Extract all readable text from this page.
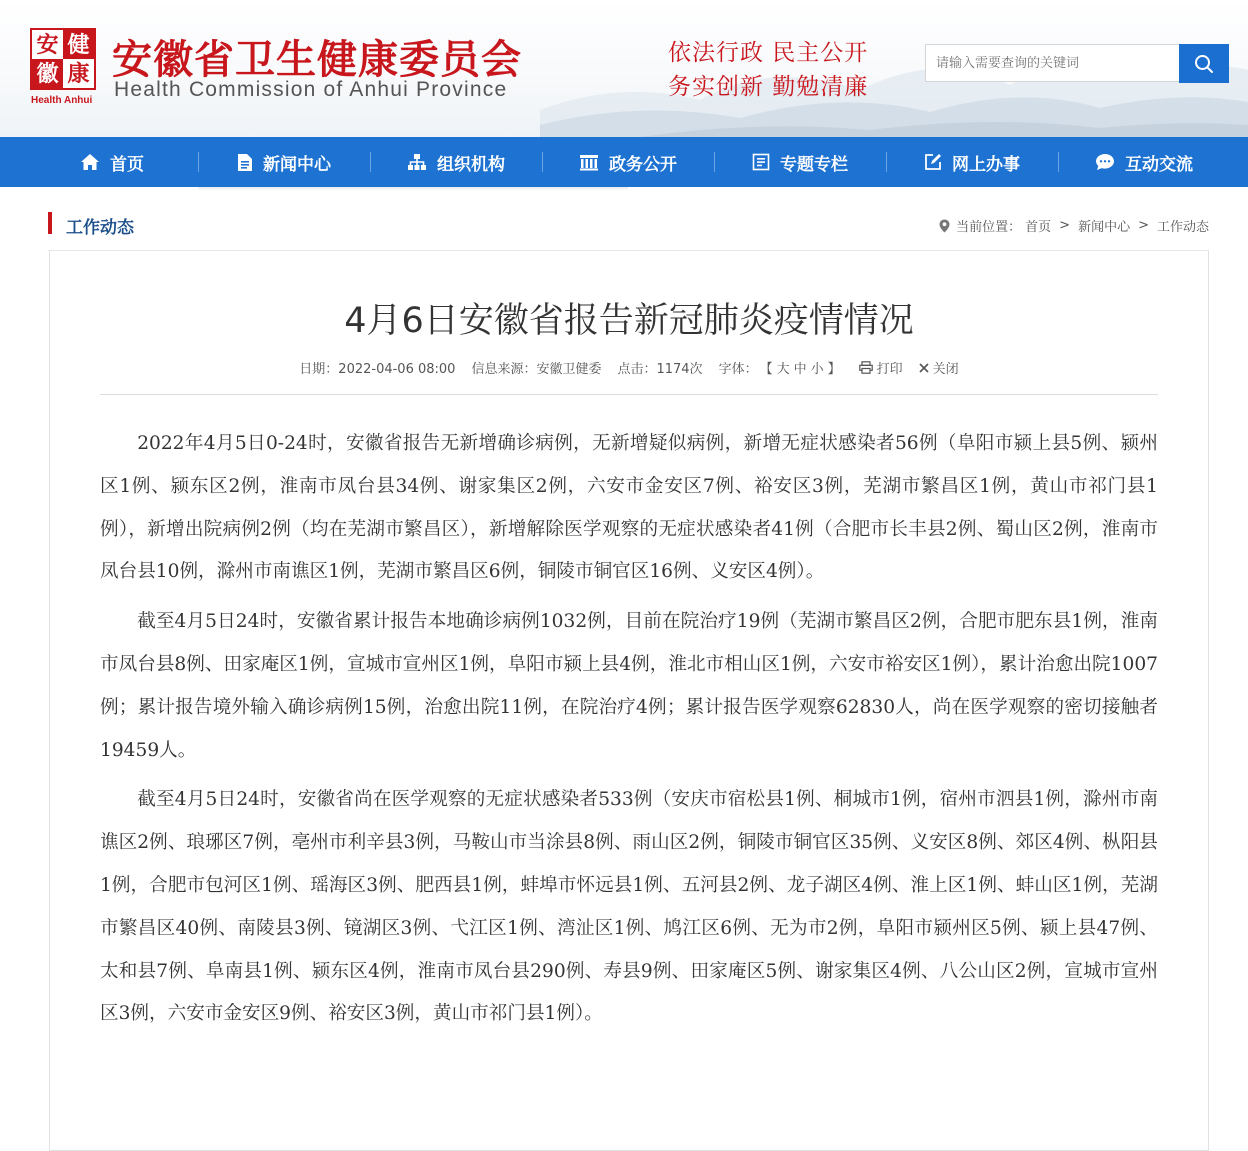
安 健
徽 康
Health Anhui
安徽省卫生健康委员会
Health Commission of Anhui Province
依法行政 民主公开
务实创新 勤勉清廉
请输入需要查询的关键词
首页	新闻中心	组织机构	政务公开	专题专栏	网上办事	互动交流
工作动态	当前位置： 首页 > 新闻中心 > 工作动态
4月6日安徽省报告新冠肺炎疫情情况
日期：2022-04-06 08:00 信息来源：安徽卫健委 点击：1174次 字体： 【 大 中 小 】	打印 关闭

2022年4月5日0-24时，安徽省报告无新增确诊病例，无新增疑似病例，新增无症状感染者56例（阜阳市颍上县5例、颍州区1例、颍东区2例，淮南市凤台县34例、谢家集区2例，六安市金安区7例、裕安区3例，芜湖市繁昌区1例，黄山市祁门县1例），新增出院病例2例（均在芜湖市繁昌区），新增解除医学观察的无症状感染者41例（合肥市长丰县2例、蜀山区2例，淮南市凤台县10例，滁州市南谯区1例，芜湖市繁昌区6例，铜陵市铜官区16例、义安区4例）。

截至4月5日24时，安徽省累计报告本地确诊病例1032例，目前在院治疗19例（芜湖市繁昌区2例，合肥市肥东县1例，淮南市凤台县8例、田家庵区1例，宣城市宣州区1例，阜阳市颍上县4例，淮北市相山区1例，六安市裕安区1例），累计治愈出院1007例；累计报告境外输入确诊病例15例，治愈出院11例，在院治疗4例；累计报告医学观察62830人，尚在医学观察的密切接触者19459人。

截至4月5日24时，安徽省尚在医学观察的无症状感染者533例（安庆市宿松县1例、桐城市1例，宿州市泗县1例，滁州市南谯区2例、琅琊区7例，亳州市利辛县3例，马鞍山市当涂县8例、雨山区2例，铜陵市铜官区35例、义安区8例、郊区4例、枞阳县1例，合肥市包河区1例、瑶海区3例、肥西县1例，蚌埠市怀远县1例、五河县2例、龙子湖区4例、淮上区1例、蚌山区1例，芜湖市繁昌区40例、南陵县3例、镜湖区3例、弋江区1例、湾沚区1例、鸠江区6例、无为市2例，阜阳市颍州区5例、颍上县47例、太和县7例、阜南县1例、颍东区4例，淮南市凤台县290例、寿县9例、田家庵区5例、谢家集区4例、八公山区2例，宣城市宣州区3例，六安市金安区9例、裕安区3例，黄山市祁门县1例）。
